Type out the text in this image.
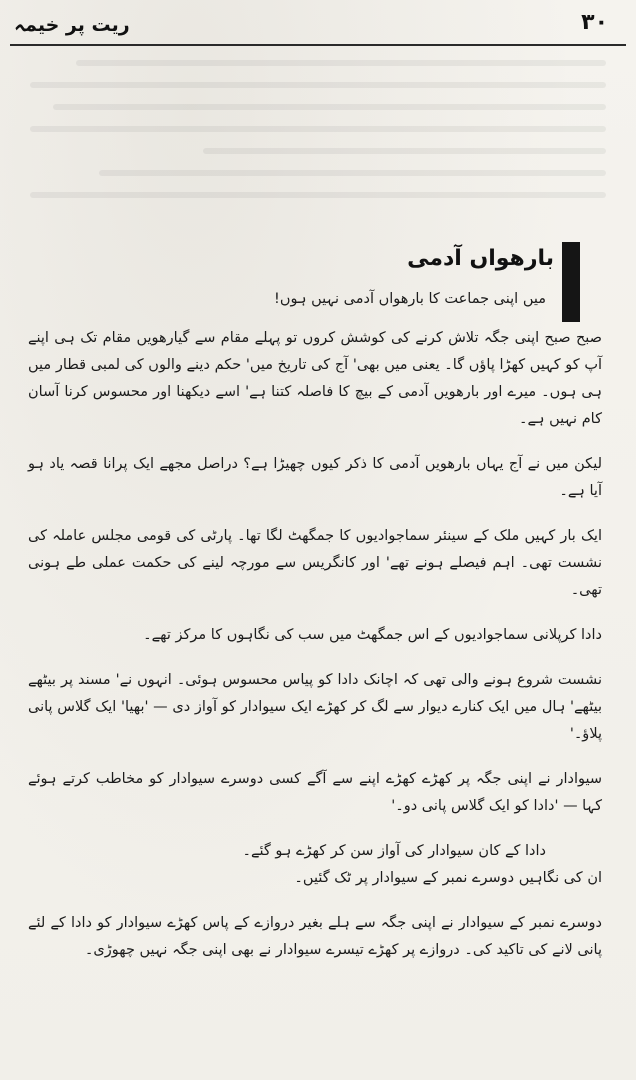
۳۰
ریت پر خیمہ
بارھواں آدمی

میں اپنی جماعت کا بارھواں آدمی نہیں ہوں!

صبح صبح اپنی جگہ تلاش کرنے کی کوشش کروں تو پہلے مقام سے گیارھویں مقام تک ہی اپنے آپ کو کہیں کھڑا پاؤں گا۔ یعنی میں بھی' آج کی تاریخ میں' حکم دینے والوں کی لمبی قطار میں ہی ہوں۔ میرے اور بارھویں آدمی کے بیچ کا فاصلہ کتنا ہے' اسے دیکھنا اور محسوس کرنا آسان کام نہیں ہے۔

لیکن میں نے آج یہاں بارھویں آدمی کا ذکر کیوں چھیڑا ہے؟ دراصل مجھے ایک پرانا قصہ یاد ہو آیا ہے۔

ایک بار کہیں ملک کے سینئر سماجوادیوں کا جمگھٹ لگا تھا۔ پارٹی کی قومی مجلس عاملہ کی نشست تھی۔ اہم فیصلے ہونے تھے' اور کانگریس سے مورچہ لینے کی حکمت عملی طے ہونی تھی۔

دادا کرپلانی سماجوادیوں کے اس جمگھٹ میں سب کی نگاہوں کا مرکز تھے۔

نشست شروع ہونے والی تھی کہ اچانک دادا کو پیاس محسوس ہوئی۔ انہوں نے' مسند پر بیٹھے بیٹھے' ہال میں ایک کنارے دیوار سے لگ کر کھڑے ایک سیوادار کو آواز دی — 'بھیا' ایک گلاس پانی پلاؤ۔'

سیوادار نے اپنی جگہ پر کھڑے کھڑے اپنے سے آگے کسی دوسرے سیوادار کو مخاطب کرتے ہوئے کہا — 'دادا کو ایک گلاس پانی دو۔'

دادا کے کان سیوادار کی آواز سن کر کھڑے ہو گئے۔

ان کی نگاہیں دوسرے نمبر کے سیوادار پر ٹک گئیں۔

دوسرے نمبر کے سیوادار نے اپنی جگہ سے ہلے بغیر دروازے کے پاس کھڑے سیوادار کو دادا کے لئے پانی لانے کی تاکید کی۔ دروازے پر کھڑے تیسرے سیوادار نے بھی اپنی جگہ نہیں چھوڑی۔
